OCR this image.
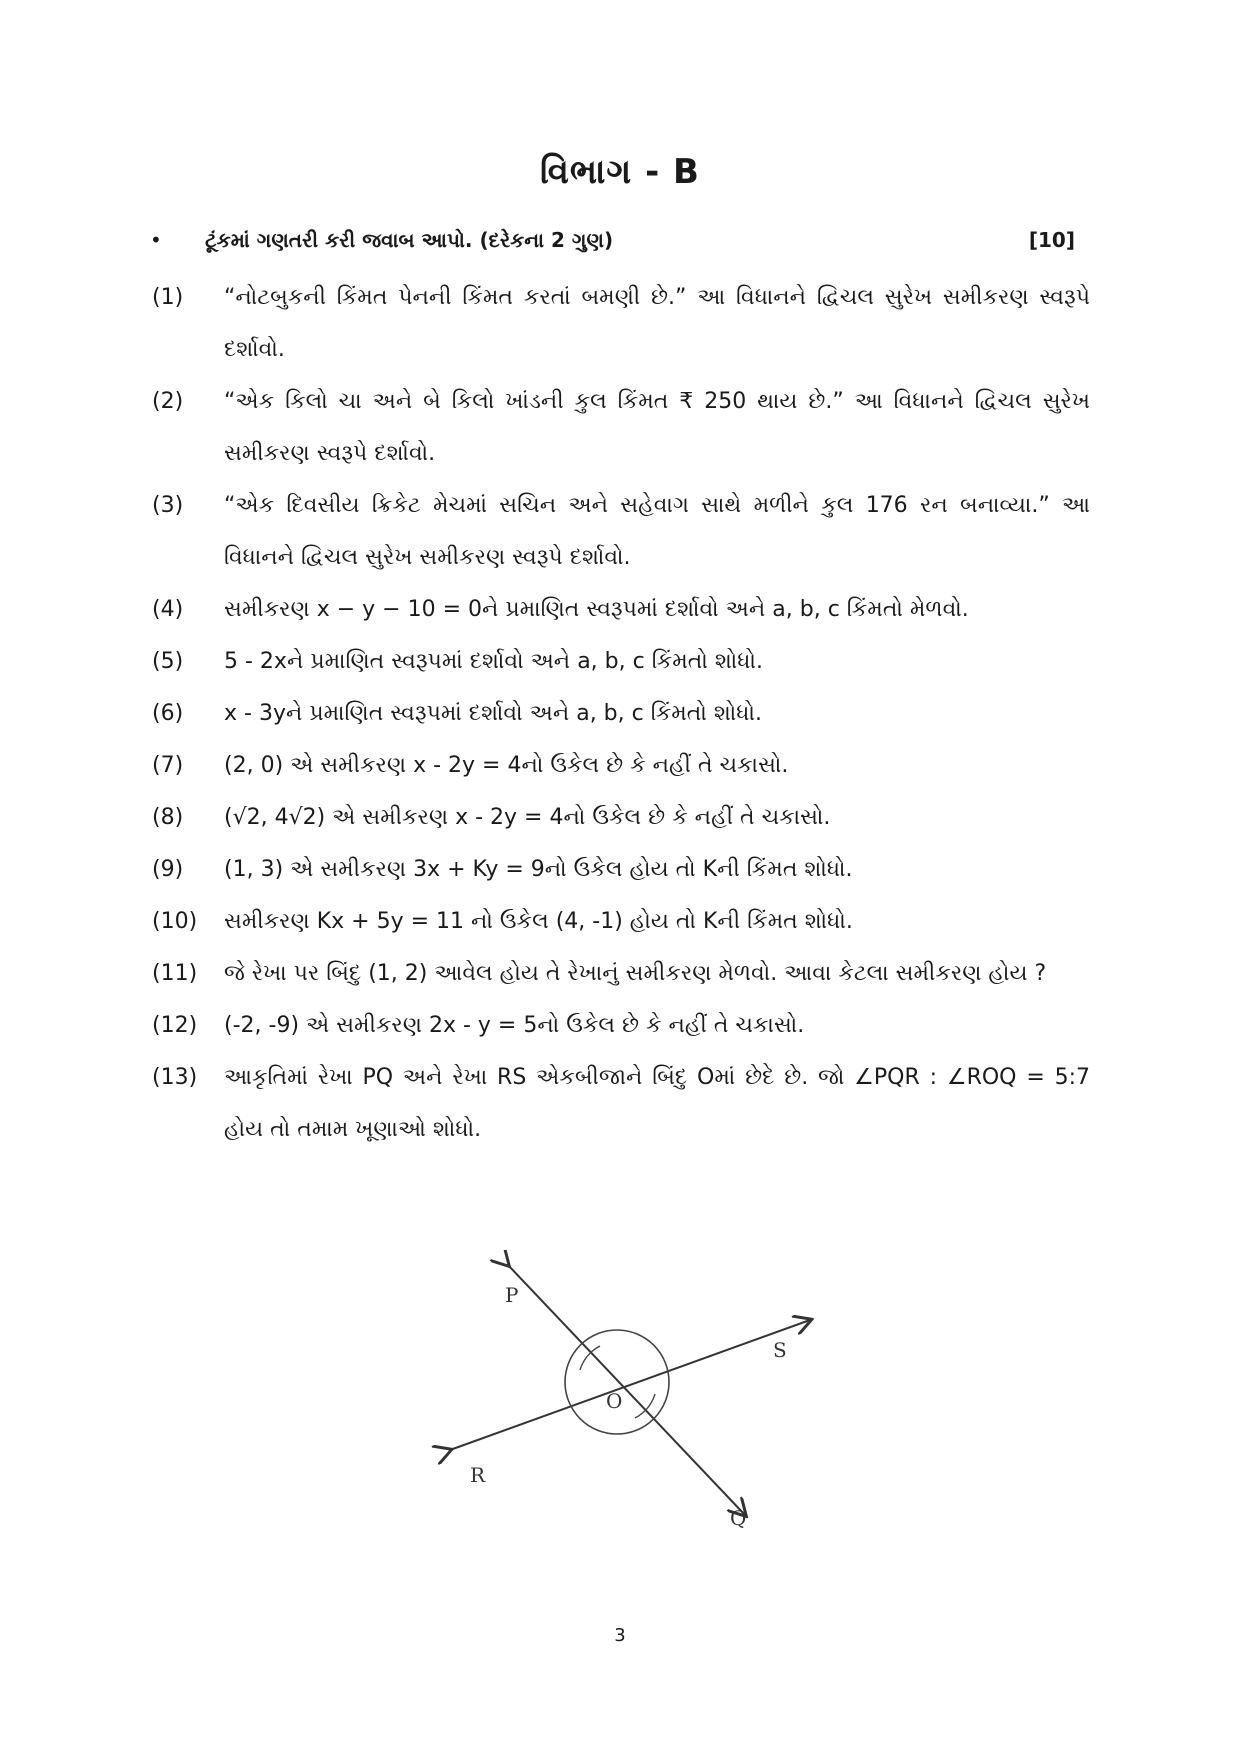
વિભાગ - B
•	ટૂંકમાં ગણતરી કરી જવાબ આપો. (દરેકના 2 ગુણ)	[10]
(1)	“નોટબુકની કિંમત પેનની કિંમત કરતાં બમણી છે.” આ વિધાનને દ્વિચલ સુરેખ સમીકરણ સ્વરૂપે દર્શાવો.
(2)	“એક કિલો ચા અને બે કિલો ખાંડની કુલ કિંમત ₹ 250 થાય છે.” આ વિધાનને દ્વિચલ સુરેખ સમીકરણ સ્વરૂપે દર્શાવો.
(3)	“એક દિવસીય ક્રિકેટ મેચમાં સચિન અને સહેવાગ સાથે મળીને કુલ 176 રન બનાવ્યા.” આ વિધાનને દ્વિચલ સુરેખ સમીકરણ સ્વરૂપે દર્શાવો.
(4)	સમીકરણ x − y − 10 = 0ને પ્રમાણિત સ્વરૂપમાં દર્શાવો અને a, b, c કિંમતો મેળવો.
(5)	5 - 2xને પ્રમાણિત સ્વરૂપમાં દર્શાવો અને a, b, c કિંમતો શોધો.
(6)	x - 3yને પ્રમાણિત સ્વરૂપમાં દર્શાવો અને a, b, c કિંમતો શોધો.
(7)	(2, 0) એ સમીકરણ x - 2y = 4નો ઉકેલ છે કે નહીં તે ચકાસો.
(8)	(√2, 4√2) એ સમીકરણ x - 2y = 4નો ઉકેલ છે કે નહીં તે ચકાસો.
(9)	(1, 3) એ સમીકરણ 3x + Ky = 9નો ઉકેલ હોય તો Kની કિંમત શોધો.
(10)	સમીકરણ Kx + 5y = 11 નો ઉકેલ (4, -1) હોય તો Kની કિંમત શોધો.
(11)	જે રેખા પર બિંદુ (1, 2) આવેલ હોય તે રેખાનું સમીકરણ મેળવો. આવા કેટલા સમીકરણ હોય ?
(12)	(-2, -9) એ સમીકરણ 2x - y = 5નો ઉકેલ છે કે નહીં તે ચકાસો.
(13)	આકૃતિમાં રેખા PQ અને રેખા RS એકબીજાને બિંદુ Oમાં છેદે છે. જો ∠PQR : ∠ROQ = 5:7 હોય તો તમામ ખૂણાઓ શોધો.
P
Q
R
S
O
3
